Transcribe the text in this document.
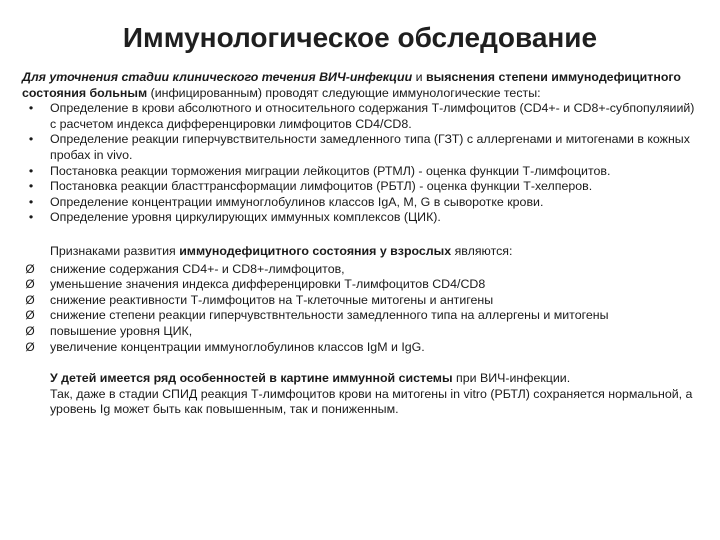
Иммунологическое обследование

Для уточнения стадии клинического течения ВИЧ-инфекции и выяснения степени иммунодефицитного состояния больным (инфицированным) проводят следующие иммунологические тесты:

•	Определение в крови абсолютного и относительного содержания Т-лимфоцитов (CD4+- и CD8+-субпопуляиий) с расчетом индекса дифференцировки лимфоцитов CD4/CD8.
•	Определение реакции гиперчувствительности замедленного типа (ГЗТ) с аллергенами и митогенами в кожных пробах in vivo.
•	Постановка реакции торможения миграции лейкоцитов (РТМЛ) - оценка функции Т-лимфоцитов.
•	Постановка реакции бласттрансформации лимфоцитов (РБТЛ) - оценка функции Т-хелперов.
•	Определение концентрации иммуноглобулинов классов IgA, M, G в сыворотке крови.
•	Определение уровня циркулирующих иммунных комплексов (ЦИК).
Признаками развития иммунодефицитного состояния у взрослых являются:
Ø снижение содержания CD4+- и CD8+-лимфоцитов,
Ø уменьшение значения индекса дифференцировки Т-лимфоцитов CD4/CD8
Ø снижение реактивности Т-лимфоцитов на Т-клеточные митогены и антигены
Ø снижение степени реакции гиперчувствнтельности замедленного типа на аллергены и митогены
Ø повышение уровня ЦИК,
Ø увеличение концентрации иммуноглобулинов классов IgM и IgG.
У детей имеется ряд особенностей в картине иммунной системы при ВИЧ-инфекции.
Так, даже в стадии СПИД реакция Т-лимфоцитов крови на митогены in vitro (РБТЛ) сохраняется нормальной, а уровень Ig может быть как повышенным, так и пониженным.
